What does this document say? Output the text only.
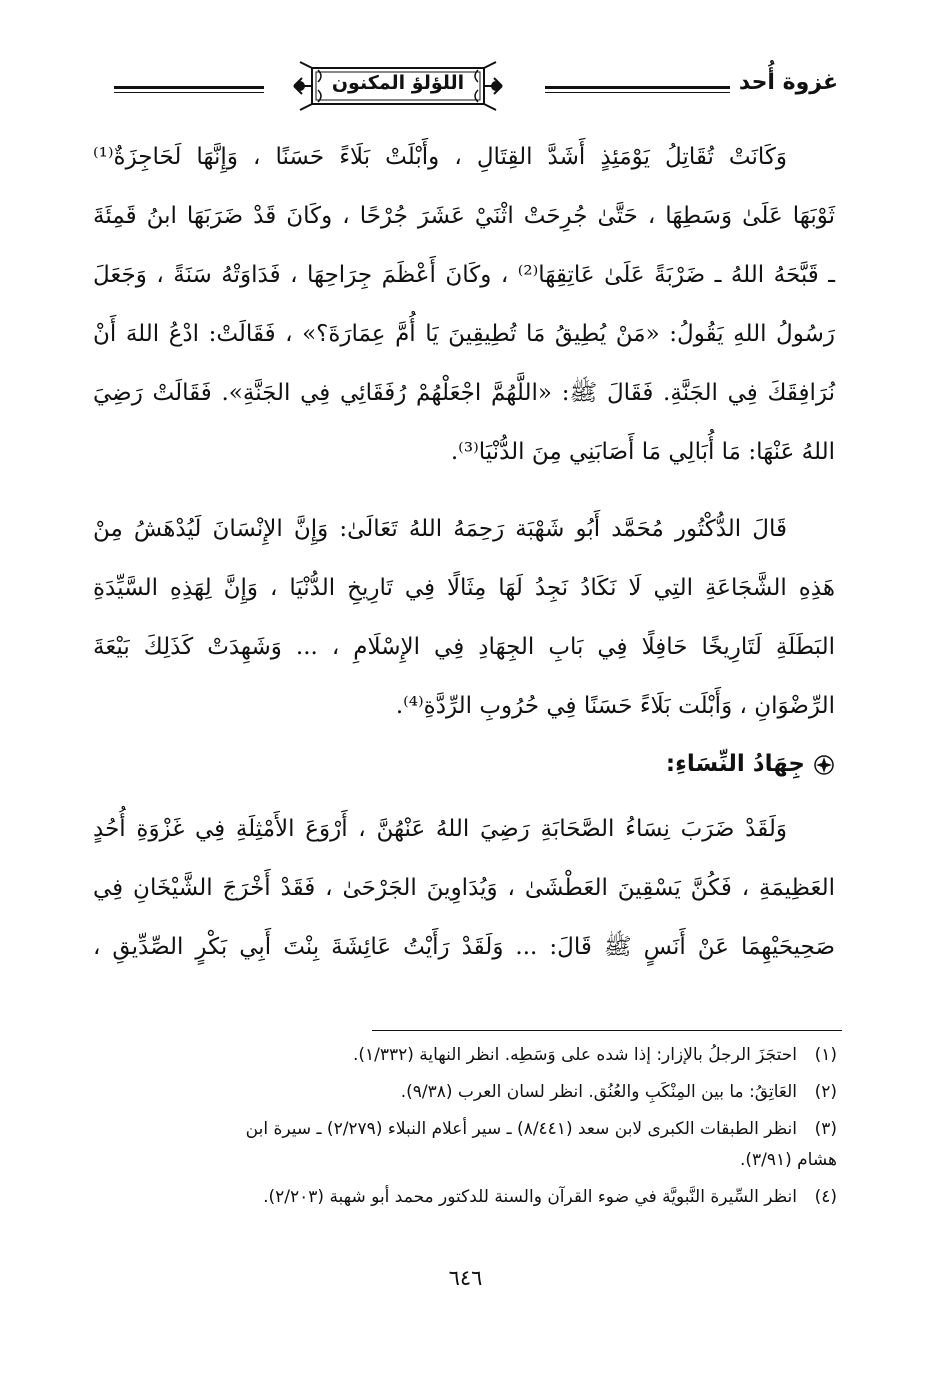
غزوة أُحد
اللؤلؤ المكنون
وَكَانَتْ تُقَاتِلُ يَوْمَئِذٍ أَشَدَّ القِتَالِ ، وأَبْلَتْ بَلَاءً حَسَنًا ، وَإِنَّهَا لَحَاجِزَةٌ⁽¹⁾
ثَوْبَهَا عَلَىٰ وَسَطِهَا ، حَتَّىٰ جُرِحَتْ اثْنَيْ عَشَرَ جُرْحًا ، وكَانَ قَدْ ضَرَبَهَا ابنُ قَمِئَةَ
ـ قَبَّحَهُ اللهُ ـ ضَرْبَةً عَلَىٰ عَاتِقِهَا⁽²⁾ ، وكَانَ أَعْظَمَ جِرَاحِهَا ، فَدَاوَتْهُ سَنَةً ، وَجَعَلَ
رَسُولُ اللهِ يَقُولُ: «مَنْ يُطِيقُ مَا تُطِيقِينَ يَا أُمَّ عِمَارَةَ؟» ، فَقَالَتْ: ادْعُ اللهَ أَنْ
نُرَافِقَكَ فِي الجَنَّةِ. فَقَالَ ﷺ: «اللَّهُمَّ اجْعَلْهُمْ رُفَقَائِي فِي الجَنَّةِ». فَقَالَتْ رَضِيَ
اللهُ عَنْهَا: مَا أُبَالِي مَا أَصَابَنِي مِنَ الدُّنْيَا⁽³⁾.
قَالَ الدُّكْتُور مُحَمَّد أَبُو شَهْبَة رَحِمَهُ اللهُ تَعَالَىٰ: وَإِنَّ الإِنْسَانَ لَيُدْهَشُ مِنْ
هَذِهِ الشَّجَاعَةِ التِي لَا نَكَادُ نَجِدُ لَهَا مِثَالًا فِي تَارِيخِ الدُّنْيَا ، وَإِنَّ لِهَذِهِ السَّيِّدَةِ
البَطَلَةِ لَتَارِيخًا حَافِلًا فِي بَابِ الجِهَادِ فِي الإِسْلَامِ ، ... وَشَهِدَتْ كَذَلِكَ بَيْعَةَ
الرِّضْوَانِ ، وَأَبْلَت بَلَاءً حَسَنًا فِي حُرُوبِ الرِّدَّةِ⁽⁴⁾.
جِهَادُ النِّسَاءِ:
وَلَقَدْ ضَرَبَ نِسَاءُ الصَّحَابَةِ رَضِيَ اللهُ عَنْهُنَّ ، أَرْوَعَ الأَمْثِلَةِ فِي غَزْوَةِ أُحُدٍ
العَظِيمَةِ ، فَكُنَّ يَسْقِينَ العَطْشَىٰ ، وَيُدَاوِينَ الجَرْحَىٰ ، فَقَدْ أَخْرَجَ الشَّيْخَانِ فِي
صَحِيحَيْهِمَا عَنْ أَنَسٍ ﷺ قَالَ: ... وَلَقَدْ رَأَيْتُ عَائِشَةَ بِنْتَ أَبِي بَكْرٍ الصِّدِّيقِ ،
(١)احتجَزَ الرجلُ بالإزار: إذا شده على وَسَطِه. انظر النهاية (١/٣٣٢).
(٢)العَاتِقُ: ما بين المِنْكَبِ والعُنُق. انظر لسان العرب (٩/٣٨).
(٣)انظر الطبقات الكبرى لابن سعد (٨/٤٤١) ـ سير أعلام النبلاء (٢/٢٧٩) ـ سيرة ابن
هشام (٣/٩١).
(٤)انظر السِّيرة النَّبويَّة في ضوء القرآن والسنة للدكتور محمد أبو شهبة (٢/٢٠٣).
٦٤٦
